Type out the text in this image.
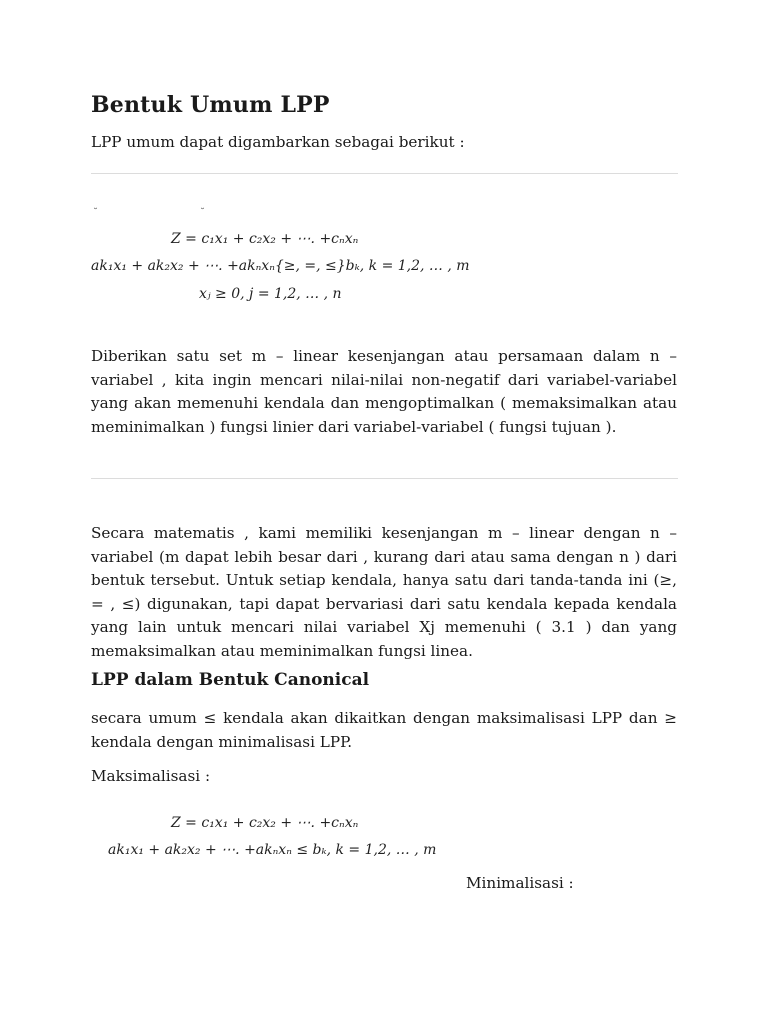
Bentuk Umum LPP

LPP umum dapat digambarkan sebagai berikut :

˘	˘
Z = c₁x₁ + c₂x₂ + ⋯. +cₙxₙ
ak₁x₁ + ak₂x₂ + ⋯. +akₙxₙ{≥, =, ≤}bₖ, k = 1,2, … , m
xⱼ ≥ 0, j = 1,2, … , n

Diberikan satu set m – linear kesenjangan atau persamaan dalam n – variabel , kita ingin mencari nilai-nilai non-negatif dari variabel-variabel yang akan memenuhi kendala dan mengoptimalkan ( memaksimalkan atau meminimalkan ) fungsi linier dari variabel-variabel ( fungsi tujuan ).

Secara matematis , kami memiliki kesenjangan m – linear dengan n – variabel (m dapat lebih besar dari , kurang dari atau sama dengan n ) dari bentuk tersebut. Untuk setiap kendala, hanya satu dari tanda-tanda ini (≥, = , ≤) digunakan, tapi dapat bervariasi dari satu kendala kepada kendala yang lain untuk mencari nilai variabel Xj memenuhi ( 3.1 ) dan yang memaksimalkan atau meminimalkan fungsi linea.

LPP dalam Bentuk Canonical

secara umum ≤ kendala akan dikaitkan dengan maksimalisasi LPP dan ≥ kendala dengan minimalisasi LPP.

Maksimalisasi :

Z = c₁x₁ + c₂x₂ + ⋯. +cₙxₙ
ak₁x₁ + ak₂x₂ + ⋯. +akₙxₙ ≤ bₖ, k = 1,2, … , m
Minimalisasi :
